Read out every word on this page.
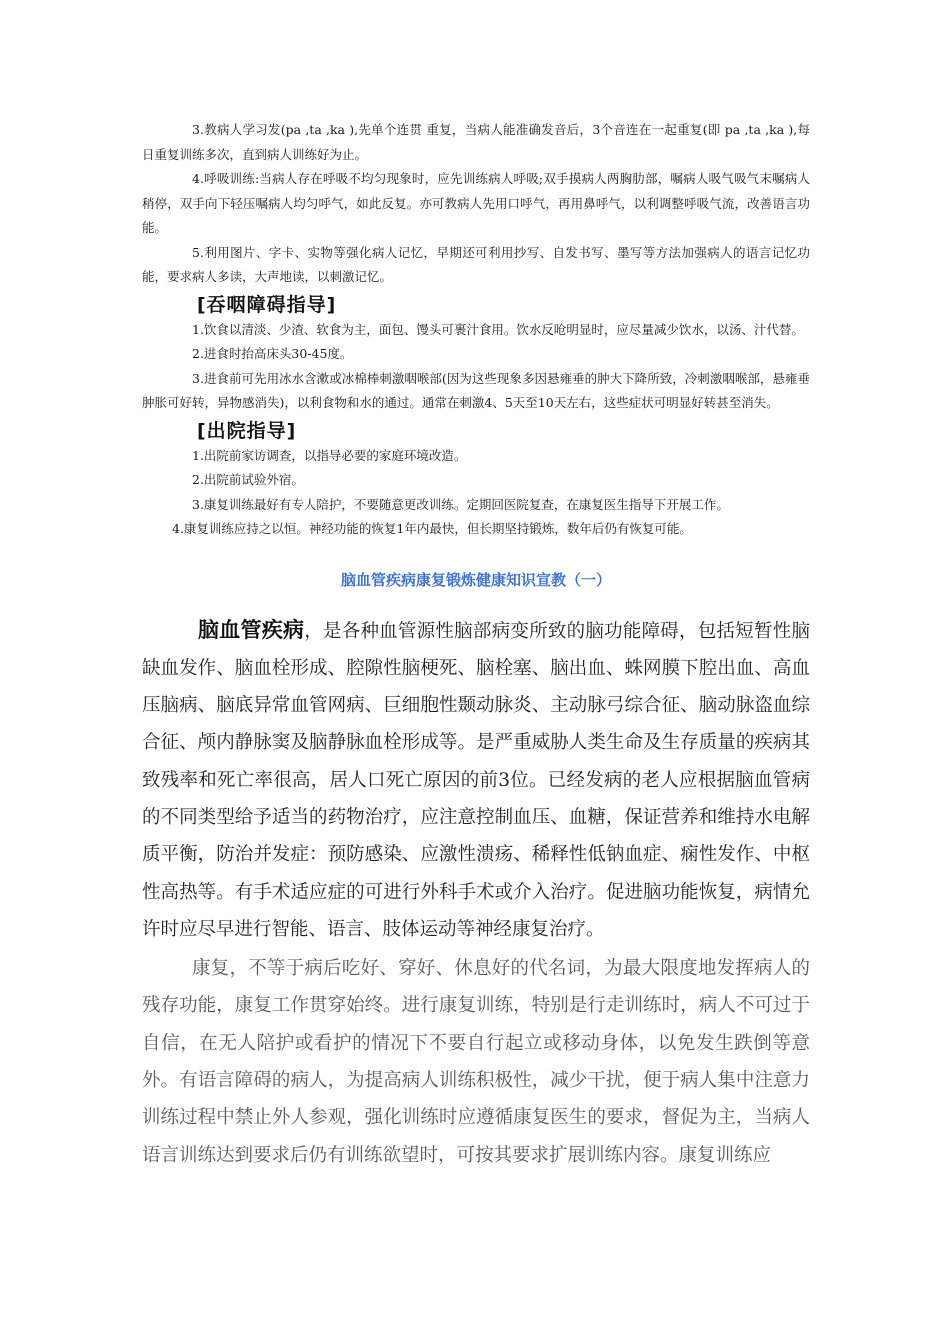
3.教病人学习发(pa ,ta ,ka ),先单个连贯 重复，当病人能准确发音后，3个音连在一起重复(即 pa ,ta ,ka ),每日重复训练多次，直到病人训练好为止。

4.呼吸训练:当病人存在呼吸不均匀现象时，应先训练病人呼吸;双手摸病人两胸肋部，嘱病人吸气吸气末嘱病人稍停，双手向下轻压嘱病人均匀呼气，如此反复。亦可教病人先用口呼气，再用鼻呼气，以利调整呼吸气流，改善语言功能。

5.利用图片、字卡、实物等强化病人记忆，早期还可利用抄写、自发书写、墨写等方法加强病人的语言记忆功能，要求病人多读，大声地读，以刺激记忆。

[吞咽障碍指导]

1.饮食以清淡、少渣、软食为主，面包、馒头可裹汁食用。饮水反呛明显时，应尽量减少饮水，以汤、汁代替。

2.进食时抬高床头30-45度。

3.进食前可先用冰水含漱或冰棉棒刺激咽喉部(因为这些现象多因悬雍垂的肿大下降所致，冷刺激咽喉部，悬雍垂肿胀可好转，异物感消失)，以利食物和水的通过。通常在刺激4、5天至10天左右，这些症状可明显好转甚至消失。

[出院指导]

1.出院前家访调查，以指导必要的家庭环境改造。

2.出院前试验外宿。

3.康复训练最好有专人陪护，不要随意更改训练。定期回医院复查，在康复医生指导下开展工作。

4.康复训练应持之以恒。神经功能的恢复1年内最快，但长期坚持锻炼，数年后仍有恢复可能。

脑血管疾病康复锻炼健康知识宣教（一）

脑血管疾病，是各种血管源性脑部病变所致的脑功能障碍，包括短暂性脑缺血发作、脑血栓形成、腔隙性脑梗死、脑栓塞、脑出血、蛛网膜下腔出血、高血压脑病、脑底异常血管网病、巨细胞性颞动脉炎、主动脉弓综合征、脑动脉盗血综合征、颅内静脉窦及脑静脉血栓形成等。是严重威胁人类生命及生存质量的疾病其致残率和死亡率很高，居人口死亡原因的前3位。已经发病的老人应根据脑血管病的不同类型给予适当的药物治疗，应注意控制血压、血糖，保证营养和维持水电解质平衡，防治并发症：预防感染、应激性溃疡、稀释性低钠血症、痫性发作、中枢性高热等。有手术适应症的可进行外科手术或介入治疗。促进脑功能恢复，病情允许时应尽早进行智能、语言、肢体运动等神经康复治疗。

康复，不等于病后吃好、穿好、休息好的代名词，为最大限度地发挥病人的残存功能，康复工作贯穿始终。进行康复训练，特别是行走训练时，病人不可过于自信，在无人陪护或看护的情况下不要自行起立或移动身体，以免发生跌倒等意外。有语言障碍的病人，为提高病人训练积极性，减少干扰，便于病人集中注意力训练过程中禁止外人参观，强化训练时应遵循康复医生的要求，督促为主，当病人语言训练达到要求后仍有训练欲望时，可按其要求扩展训练内容。康复训练应
